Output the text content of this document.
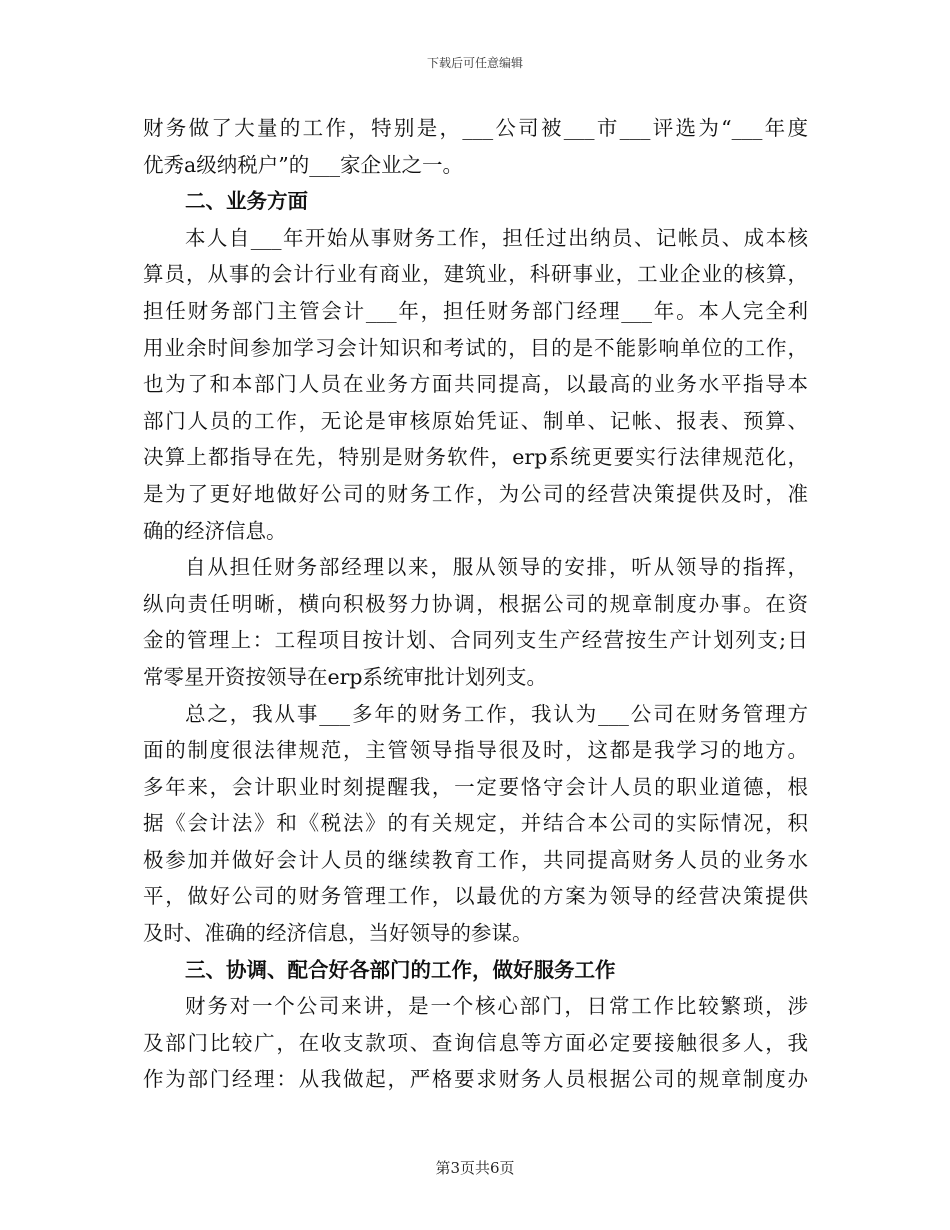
下载后可任意编辑
财务做了大量的工作，特别是，___公司被___市___评选为“___年度
优秀a级纳税户”的___家企业之一。
二、业务方面
本人自___年开始从事财务工作，担任过出纳员、记帐员、成本核
算员，从事的会计行业有商业，建筑业，科研事业，工业企业的核算，
担任财务部门主管会计___年，担任财务部门经理___年。本人完全利
用业余时间参加学习会计知识和考试的，目的是不能影响单位的工作，
也为了和本部门人员在业务方面共同提高，以最高的业务水平指导本
部门人员的工作，无论是审核原始凭证、制单、记帐、报表、预算、
决算上都指导在先，特别是财务软件，erp系统更要实行法律规范化，
是为了更好地做好公司的财务工作，为公司的经营决策提供及时，准
确的经济信息。
自从担任财务部经理以来，服从领导的安排，听从领导的指挥，
纵向责任明晰，横向积极努力协调，根据公司的规章制度办事。在资
金的管理上：工程项目按计划、合同列支生产经营按生产计划列支;日
常零星开资按领导在erp系统审批计划列支。
总之，我从事___多年的财务工作，我认为___公司在财务管理方
面的制度很法律规范，主管领导指导很及时，这都是我学习的地方。
多年来，会计职业时刻提醒我，一定要恪守会计人员的职业道德，根
据《会计法》和《税法》的有关规定，并结合本公司的实际情况，积
极参加并做好会计人员的继续教育工作，共同提高财务人员的业务水
平，做好公司的财务管理工作，以最优的方案为领导的经营决策提供
及时、准确的经济信息，当好领导的参谋。
三、协调、配合好各部门的工作，做好服务工作
财务对一个公司来讲，是一个核心部门，日常工作比较繁琐，涉
及部门比较广，在收支款项、查询信息等方面必定要接触很多人，我
作为部门经理：从我做起，严格要求财务人员根据公司的规章制度办
第3页共6页
